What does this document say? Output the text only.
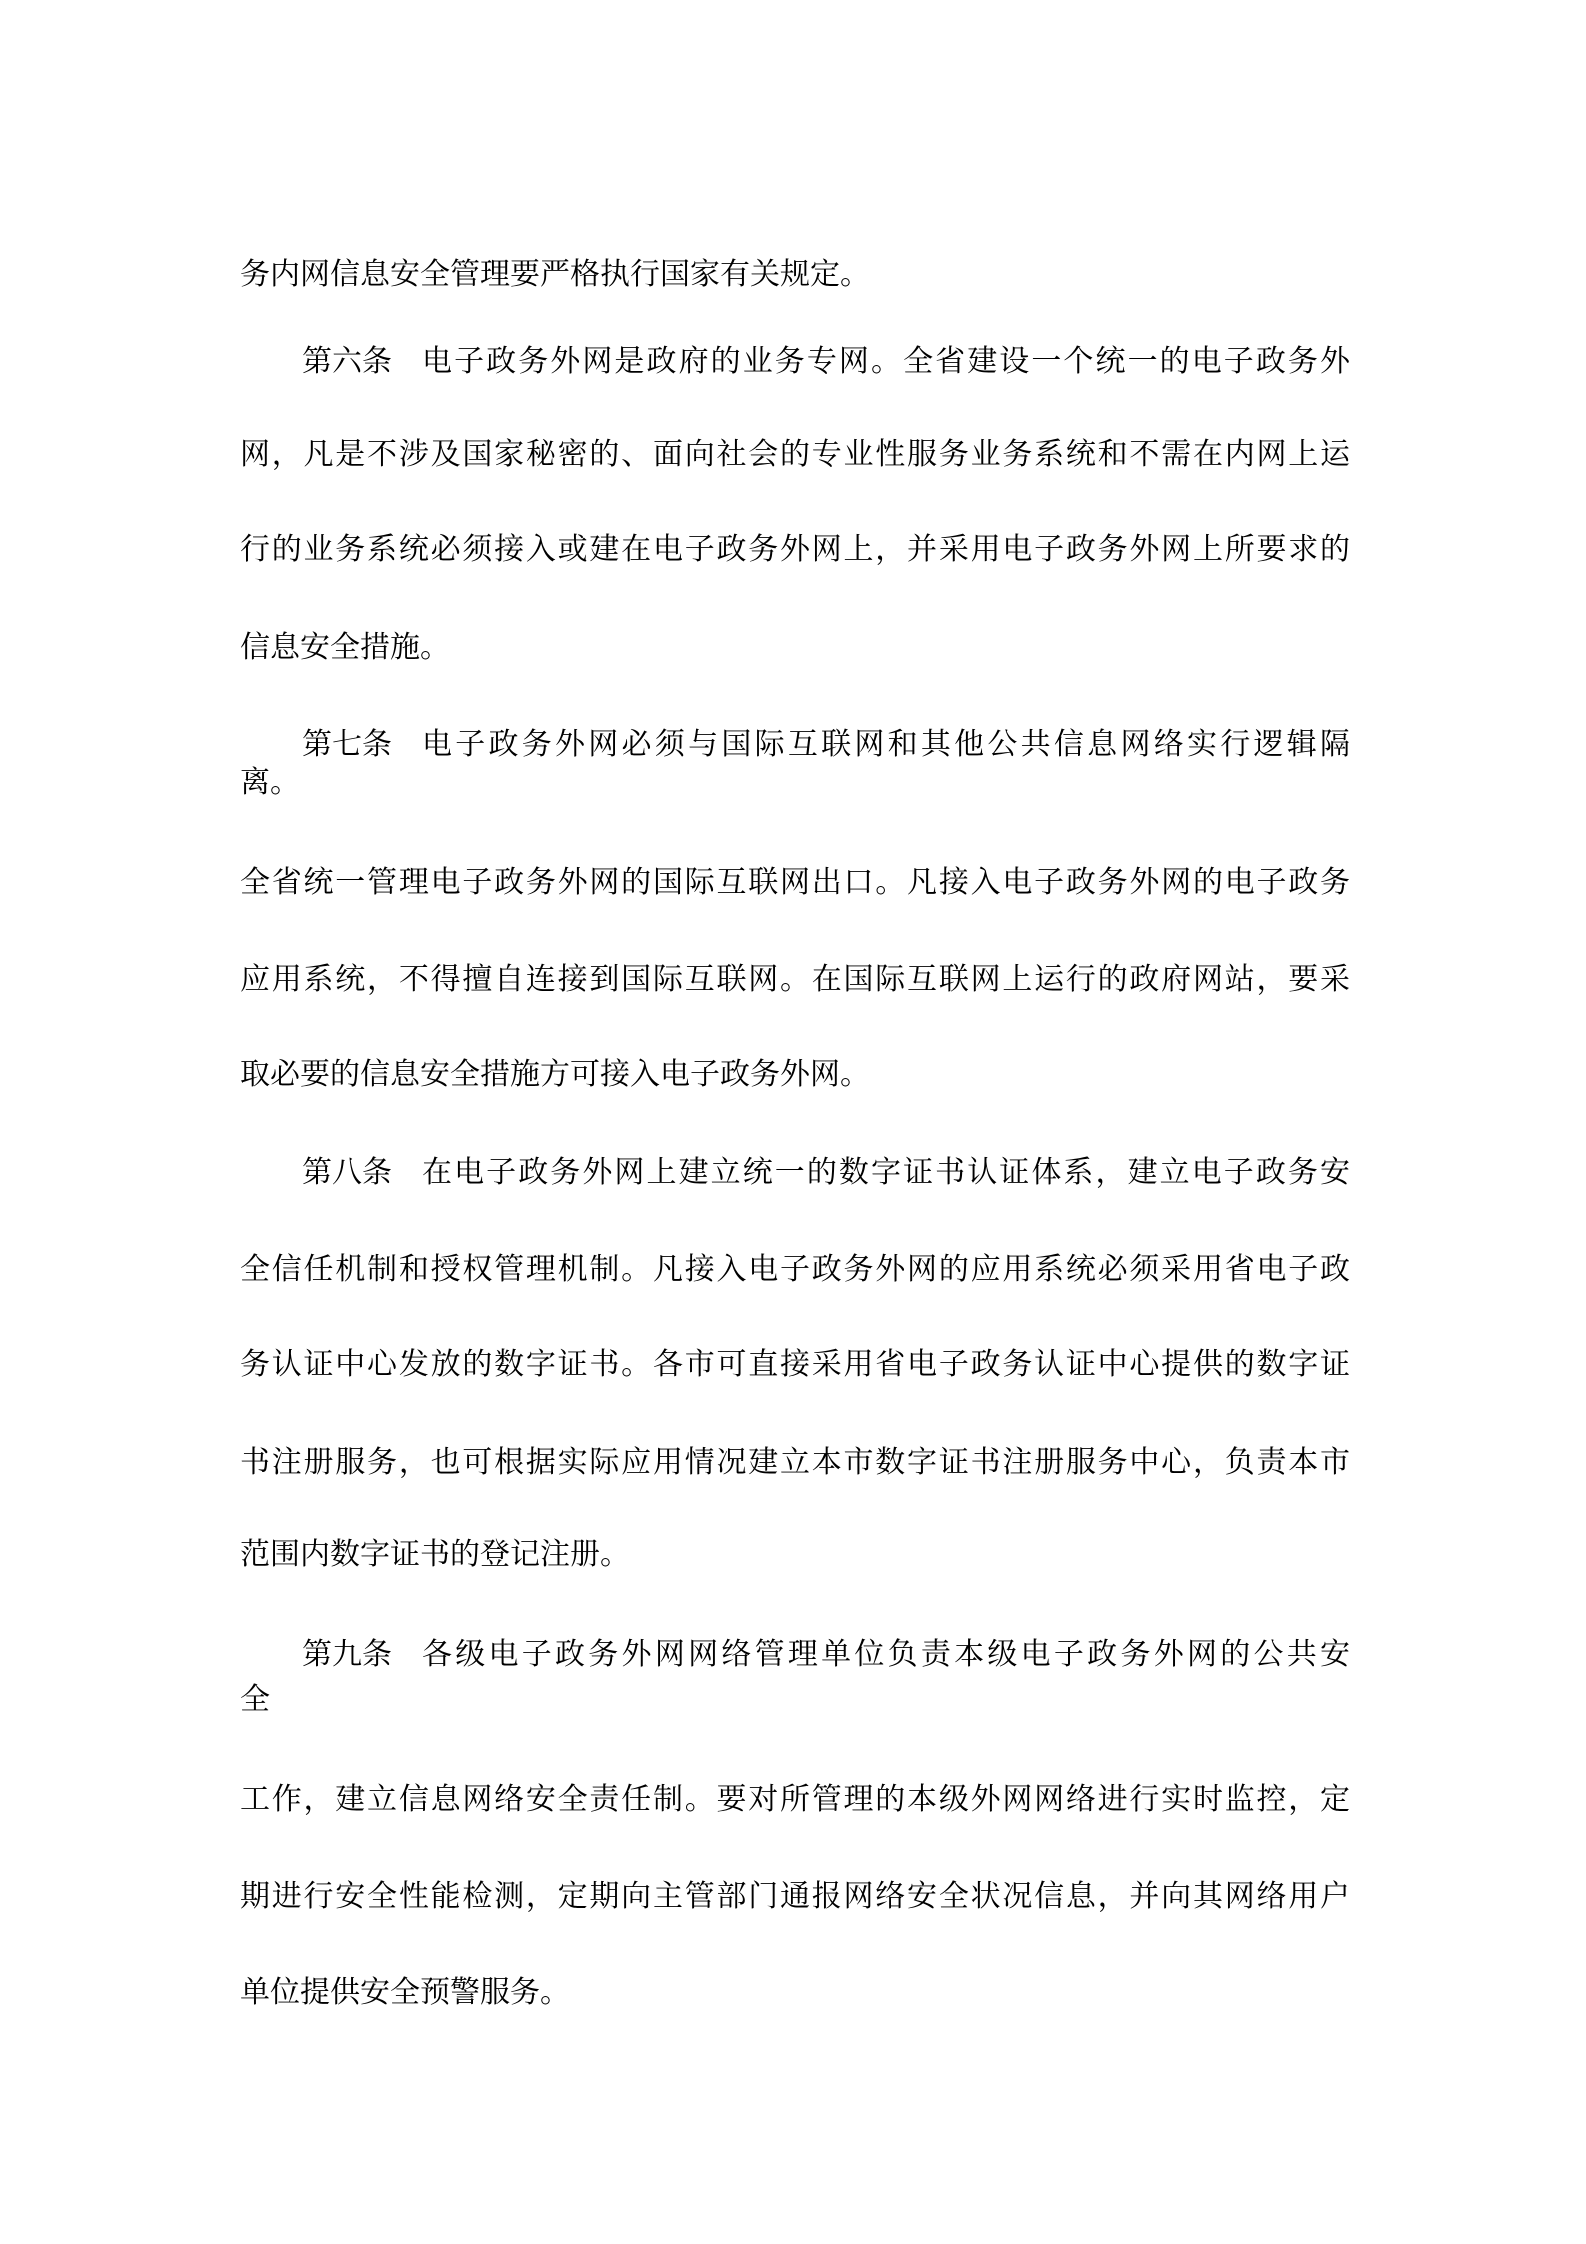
务内网信息安全管理要严格执行国家有关规定。
第六条 电子政务外网是政府的业务专网。全省建设一个统一的电子政务外
网，凡是不涉及国家秘密的、面向社会的专业性服务业务系统和不需在内网上运
行的业务系统必须接入或建在电子政务外网上，并采用电子政务外网上所要求的
信息安全措施。
第七条 电子政务外网必须与国际互联网和其他公共信息网络实行逻辑隔
离。
全省统一管理电子政务外网的国际互联网出口。凡接入电子政务外网的电子政务
应用系统，不得擅自连接到国际互联网。在国际互联网上运行的政府网站，要采
取必要的信息安全措施方可接入电子政务外网。
第八条 在电子政务外网上建立统一的数字证书认证体系，建立电子政务安
全信任机制和授权管理机制。凡接入电子政务外网的应用系统必须采用省电子政
务认证中心发放的数字证书。各市可直接采用省电子政务认证中心提供的数字证
书注册服务，也可根据实际应用情况建立本市数字证书注册服务中心，负责本市
范围内数字证书的登记注册。
第九条 各级电子政务外网网络管理单位负责本级电子政务外网的公共安
全
工作，建立信息网络安全责任制。要对所管理的本级外网网络进行实时监控，定
期进行安全性能检测，定期向主管部门通报网络安全状况信息，并向其网络用户
单位提供安全预警服务。
